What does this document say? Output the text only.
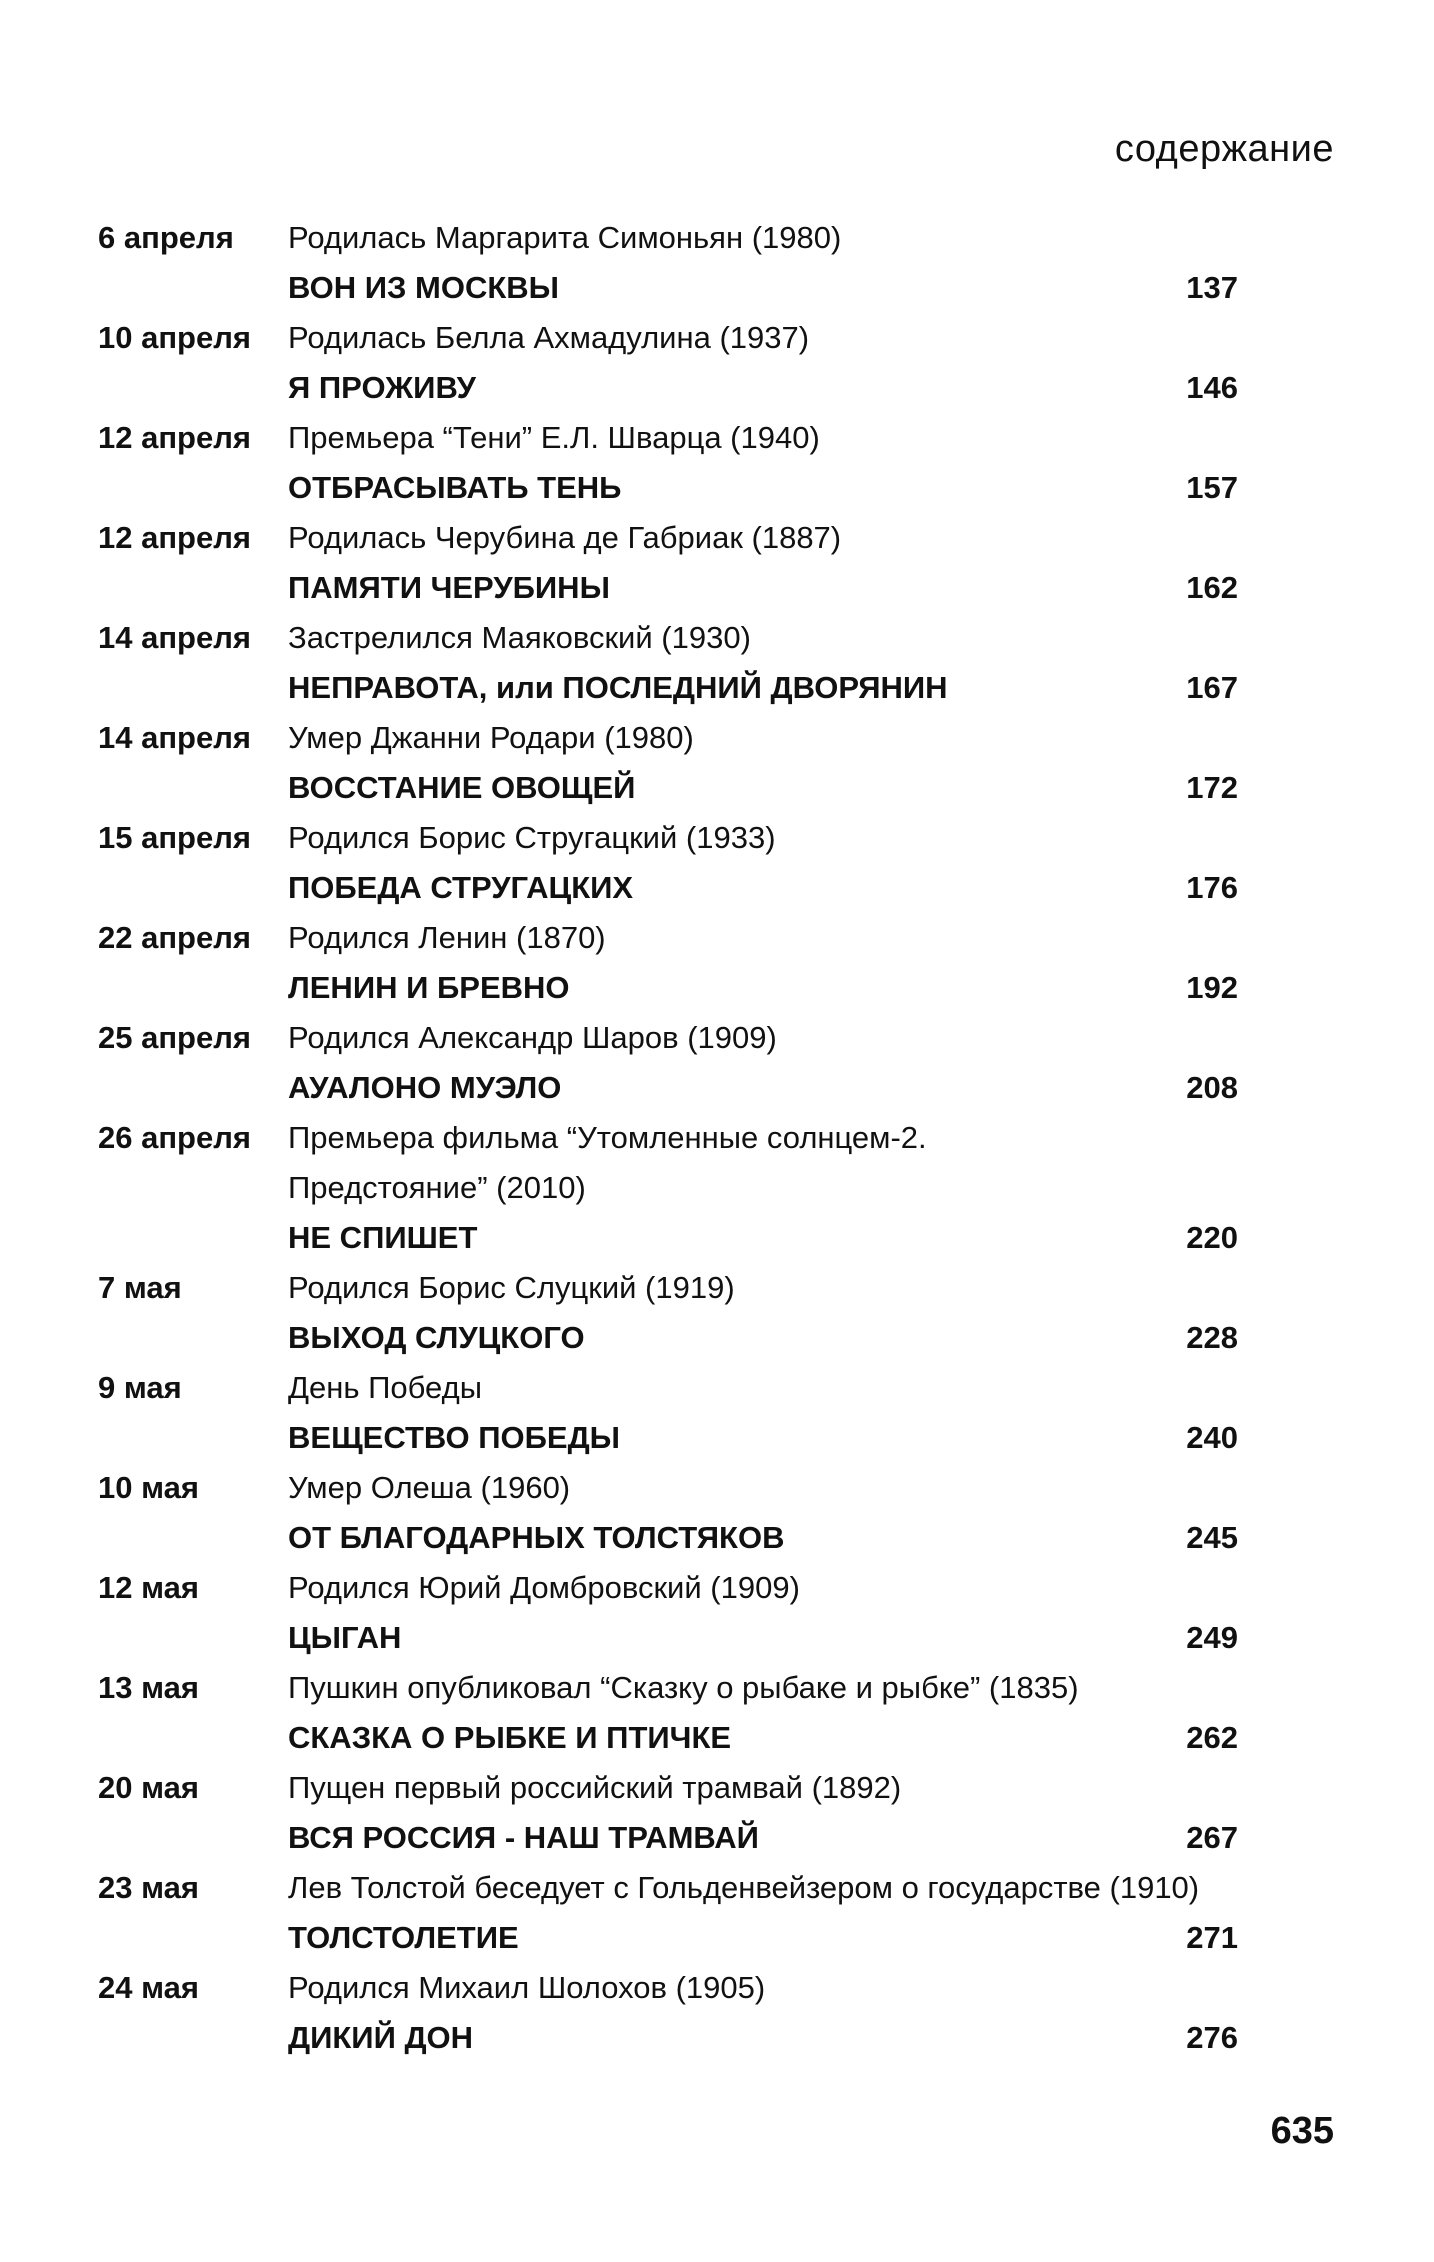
содержание
6 апреля	Родилась Маргарита Симоньян (1980)
ВОН ИЗ МОСКВЫ	137
10 апреля	Родилась Белла Ахмадулина (1937)
Я ПРОЖИВУ	146
12 апреля	Премьера “Тени” Е.Л. Шварца (1940)
ОТБРАСЫВАТЬ ТЕНЬ	157
12 апреля	Родилась Черубина де Габриак (1887)
ПАМЯТИ ЧЕРУБИНЫ	162
14 апреля	Застрелился Маяковский (1930)
НЕПРАВОТА, или ПОСЛЕДНИЙ ДВОРЯНИН	167
14 апреля	Умер Джанни Родари (1980)
ВОССТАНИЕ ОВОЩЕЙ	172
15 апреля	Родился Борис Стругацкий (1933)
ПОБЕДА СТРУГАЦКИХ	176
22 апреля	Родился Ленин (1870)
ЛЕНИН И БРЕВНО	192
25 апреля	Родился Александр Шаров (1909)
АУАЛОНО МУЭЛО	208
26 апреля	Премьера фильма “Утомленные солнцем-2.
Предстояние” (2010)
НЕ СПИШЕТ	220
7 мая	Родился Борис Слуцкий (1919)
ВЫХОД СЛУЦКОГО	228
9 мая	День Победы
ВЕЩЕСТВО ПОБЕДЫ	240
10 мая	Умер Олеша (1960)
ОТ БЛАГОДАРНЫХ ТОЛСТЯКОВ	245
12 мая	Родился Юрий Домбровский (1909)
ЦЫГАН	249
13 мая	Пушкин опубликовал “Сказку о рыбаке и рыбке” (1835)
СКАЗКА О РЫБКЕ И ПТИЧКЕ	262
20 мая	Пущен первый российский трамвай (1892)
ВСЯ РОССИЯ - НАШ ТРАМВАЙ	267
23 мая	Лев Толстой беседует с Гольденвейзером о государстве (1910)
ТОЛСТОЛЕТИЕ	271
24 мая	Родился Михаил Шолохов (1905)
ДИКИЙ ДОН	276
635
